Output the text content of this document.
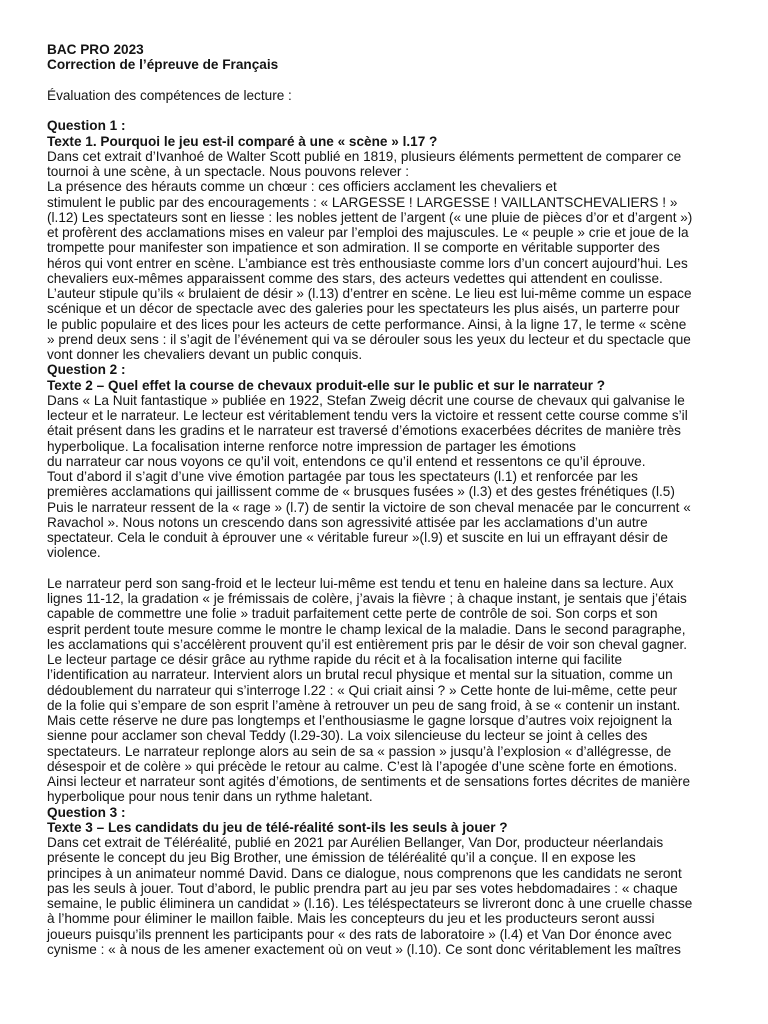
BAC PRO 2023
Correction de l’épreuve de Français
Évaluation des compétences de lecture :
Question 1 :
Texte 1. Pourquoi le jeu est-il comparé à une « scène » l.17 ?
Dans cet extrait d’Ivanhoé de Walter Scott publié en 1819, plusieurs éléments permettent de comparer ce
tournoi à une scène, à un spectacle. Nous pouvons relever :
La présence des hérauts comme un chœur : ces officiers acclament les chevaliers et
stimulent le public par des encouragements : « LARGESSE ! LARGESSE ! VAILLANTSCHEVALIERS ! »
(l.12) Les spectateurs sont en liesse : les nobles jettent de l’argent (« une pluie de pièces d’or et d’argent »)
et profèrent des acclamations mises en valeur par l’emploi des majuscules. Le « peuple » crie et joue de la
trompette pour manifester son impatience et son admiration. Il se comporte en véritable supporter des
héros qui vont entrer en scène. L’ambiance est très enthousiaste comme lors d’un concert aujourd’hui. Les
chevaliers eux-mêmes apparaissent comme des stars, des acteurs vedettes qui attendent en coulisse.
L’auteur stipule qu’ils « brulaient de désir » (l.13) d’entrer en scène. Le lieu est lui-même comme un espace
scénique et un décor de spectacle avec des galeries pour les spectateurs les plus aisés, un parterre pour
le public populaire et des lices pour les acteurs de cette performance. Ainsi, à la ligne 17, le terme « scène
» prend deux sens : il s’agit de l’événement qui va se dérouler sous les yeux du lecteur et du spectacle que
vont donner les chevaliers devant un public conquis.
Question 2 :
Texte 2 – Quel effet la course de chevaux produit-elle sur le public et sur le narrateur ?
Dans « La Nuit fantastique » publiée en 1922, Stefan Zweig décrit une course de chevaux qui galvanise le
lecteur et le narrateur. Le lecteur est véritablement tendu vers la victoire et ressent cette course comme s’il
était présent dans les gradins et le narrateur est traversé d’émotions exacerbées décrites de manière très
hyperbolique. La focalisation interne renforce notre impression de partager les émotions
du narrateur car nous voyons ce qu’il voit, entendons ce qu’il entend et ressentons ce qu’il éprouve.
Tout d’abord il s’agit d’une vive émotion partagée par tous les spectateurs (l.1) et renforcée par les
premières acclamations qui jaillissent comme de « brusques fusées » (l.3) et des gestes frénétiques (l.5)
Puis le narrateur ressent de la « rage » (l.7) de sentir la victoire de son cheval menacée par le concurrent «
Ravachol ». Nous notons un crescendo dans son agressivité attisée par les acclamations d’un autre
spectateur. Cela le conduit à éprouver une « véritable fureur »(l.9) et suscite en lui un effrayant désir de
violence.
Le narrateur perd son sang-froid et le lecteur lui-même est tendu et tenu en haleine dans sa lecture. Aux
lignes 11-12, la gradation « je frémissais de colère, j’avais la fièvre ; à chaque instant, je sentais que j’étais
capable de commettre une folie » traduit parfaitement cette perte de contrôle de soi. Son corps et son
esprit perdent toute mesure comme le montre le champ lexical de la maladie. Dans le second paragraphe,
les acclamations qui s’accélèrent prouvent qu’il est entièrement pris par le désir de voir son cheval gagner.
Le lecteur partage ce désir grâce au rythme rapide du récit et à la focalisation interne qui facilite
l’identification au narrateur. Intervient alors un brutal recul physique et mental sur la situation, comme un
dédoublement du narrateur qui s’interroge l.22 : « Qui criait ainsi ? » Cette honte de lui-même, cette peur
de la folie qui s’empare de son esprit l’amène à retrouver un peu de sang froid, à se « contenir un instant.
Mais cette réserve ne dure pas longtemps et l’enthousiasme le gagne lorsque d’autres voix rejoignent la
sienne pour acclamer son cheval Teddy (l.29-30). La voix silencieuse du lecteur se joint à celles des
spectateurs. Le narrateur replonge alors au sein de sa « passion » jusqu’à l’explosion « d’allégresse, de
désespoir et de colère » qui précède le retour au calme. C’est là l’apogée d’une scène forte en émotions.
Ainsi lecteur et narrateur sont agités d’émotions, de sentiments et de sensations fortes décrites de manière
hyperbolique pour nous tenir dans un rythme haletant.
Question 3 :
Texte 3 – Les candidats du jeu de télé-réalité sont-ils les seuls à jouer ?
Dans cet extrait de Téléréalité, publié en 2021 par Aurélien Bellanger, Van Dor, producteur néerlandais
présente le concept du jeu Big Brother, une émission de téléréalité qu’il a conçue. Il en expose les
principes à un animateur nommé David. Dans ce dialogue, nous comprenons que les candidats ne seront
pas les seuls à jouer. Tout d’abord, le public prendra part au jeu par ses votes hebdomadaires : « chaque
semaine, le public éliminera un candidat » (l.16). Les téléspectateurs se livreront donc à une cruelle chasse
à l’homme pour éliminer le maillon faible. Mais les concepteurs du jeu et les producteurs seront aussi
joueurs puisqu’ils prennent les participants pour « des rats de laboratoire » (l.4) et Van Dor énonce avec
cynisme : « à nous de les amener exactement où on veut » (l.10). Ce sont donc véritablement les maîtres
